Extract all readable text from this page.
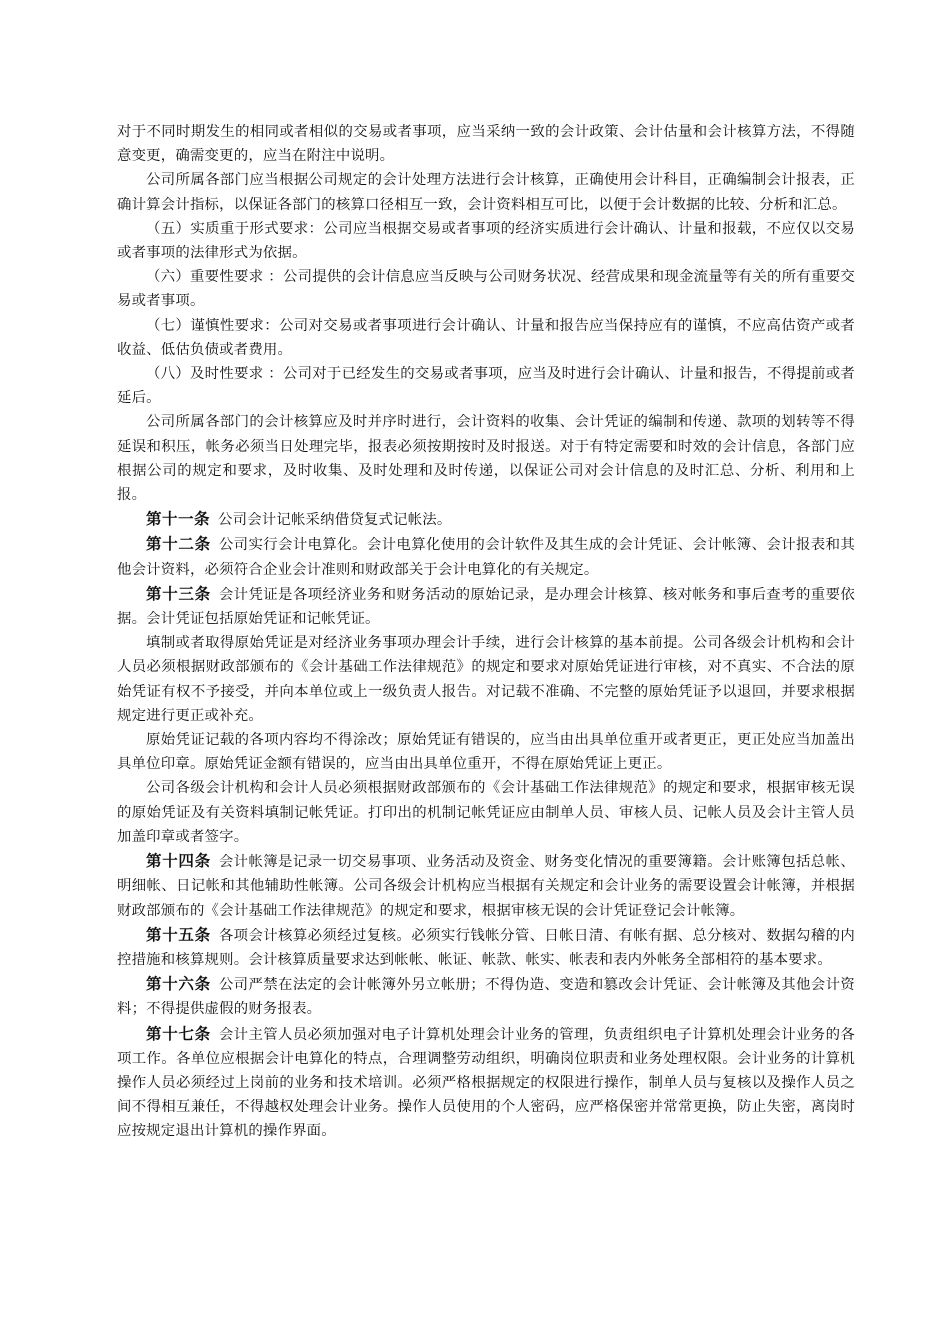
对于不同时期发生的相同或者相似的交易或者事项，应当采纳一致的会计政策、会计估量和会计核算方法，不得随意变更，确需变更的，应当在附注中说明。

公司所属各部门应当根据公司规定的会计处理方法进行会计核算，正确使用会计科目，正确编制会计报表，正确计算会计指标，以保证各部门的核算口径相互一致，会计资料相互可比，以便于会计数据的比较、分析和汇总。

（五）实质重于形式要求：公司应当根据交易或者事项的经济实质进行会计确认、计量和报载，不应仅以交易或者事项的法律形式为依据。

（六）重要性要求 ：公司提供的会计信息应当反映与公司财务状况、经营成果和现金流量等有关的所有重要交易或者事项。

（七）谨慎性要求：公司对交易或者事项进行会计确认、计量和报告应当保持应有的谨慎，不应高估资产或者收益、低估负债或者费用。

（八）及时性要求 ：公司对于已经发生的交易或者事项，应当及时进行会计确认、计量和报告，不得提前或者延后。

公司所属各部门的会计核算应及时并序时进行，会计资料的收集、会计凭证的编制和传递、款项的划转等不得延误和积压，帐务必须当日处理完毕，报表必须按期按时及时报送。对于有特定需要和时效的会计信息，各部门应根据公司的规定和要求，及时收集、及时处理和及时传递，以保证公司对会计信息的及时汇总、分析、利用和上报。

第十一条 公司会计记帐采纳借贷复式记帐法。

第十二条 公司实行会计电算化。会计电算化使用的会计软件及其生成的会计凭证、会计帐簿、会计报表和其他会计资料，必须符合企业会计准则和财政部关于会计电算化的有关规定。

第十三条 会计凭证是各项经济业务和财务活动的原始记录，是办理会计核算、核对帐务和事后查考的重要依据。会计凭证包括原始凭证和记帐凭证。

填制或者取得原始凭证是对经济业务事项办理会计手续，进行会计核算的基本前提。公司各级会计机构和会计人员必须根据财政部颁布的《会计基础工作法律规范》的规定和要求对原始凭证进行审核，对不真实、不合法的原始凭证有权不予接受，并向本单位或上一级负责人报告。对记载不准确、不完整的原始凭证予以退回，并要求根据规定进行更正或补充。

原始凭证记载的各项内容均不得涂改；原始凭证有错误的，应当由出具单位重开或者更正，更正处应当加盖出具单位印章。原始凭证金额有错误的，应当由出具单位重开，不得在原始凭证上更正。

公司各级会计机构和会计人员必须根据财政部颁布的《会计基础工作法律规范》的规定和要求，根据审核无误的原始凭证及有关资料填制记帐凭证。打印出的机制记帐凭证应由制单人员、审核人员、记帐人员及会计主管人员加盖印章或者签字。

第十四条 会计帐簿是记录一切交易事项、业务活动及资金、财务变化情况的重要簿籍。会计账簿包括总帐、明细帐、日记帐和其他辅助性帐簿。公司各级会计机构应当根据有关规定和会计业务的需要设置会计帐簿，并根据财政部颁布的《会计基础工作法律规范》的规定和要求，根据审核无误的会计凭证登记会计帐簿。

第十五条 各项会计核算必须经过复核。必须实行钱帐分管、日帐日清、有帐有据、总分核对、数据勾稽的内控措施和核算规则。会计核算质量要求达到帐帐、帐证、帐款、帐实、帐表和表内外帐务全部相符的基本要求。

第十六条 公司严禁在法定的会计帐簿外另立帐册；不得伪造、变造和篡改会计凭证、会计帐簿及其他会计资料；不得提供虚假的财务报表。

第十七条 会计主管人员必须加强对电子计算机处理会计业务的管理，负责组织电子计算机处理会计业务的各项工作。各单位应根据会计电算化的特点，合理调整劳动组织，明确岗位职责和业务处理权限。会计业务的计算机操作人员必须经过上岗前的业务和技术培训。必须严格根据规定的权限进行操作，制单人员与复核以及操作人员之间不得相互兼任，不得越权处理会计业务。操作人员使用的个人密码，应严格保密并常常更换，防止失密，离岗时应按规定退出计算机的操作界面。
